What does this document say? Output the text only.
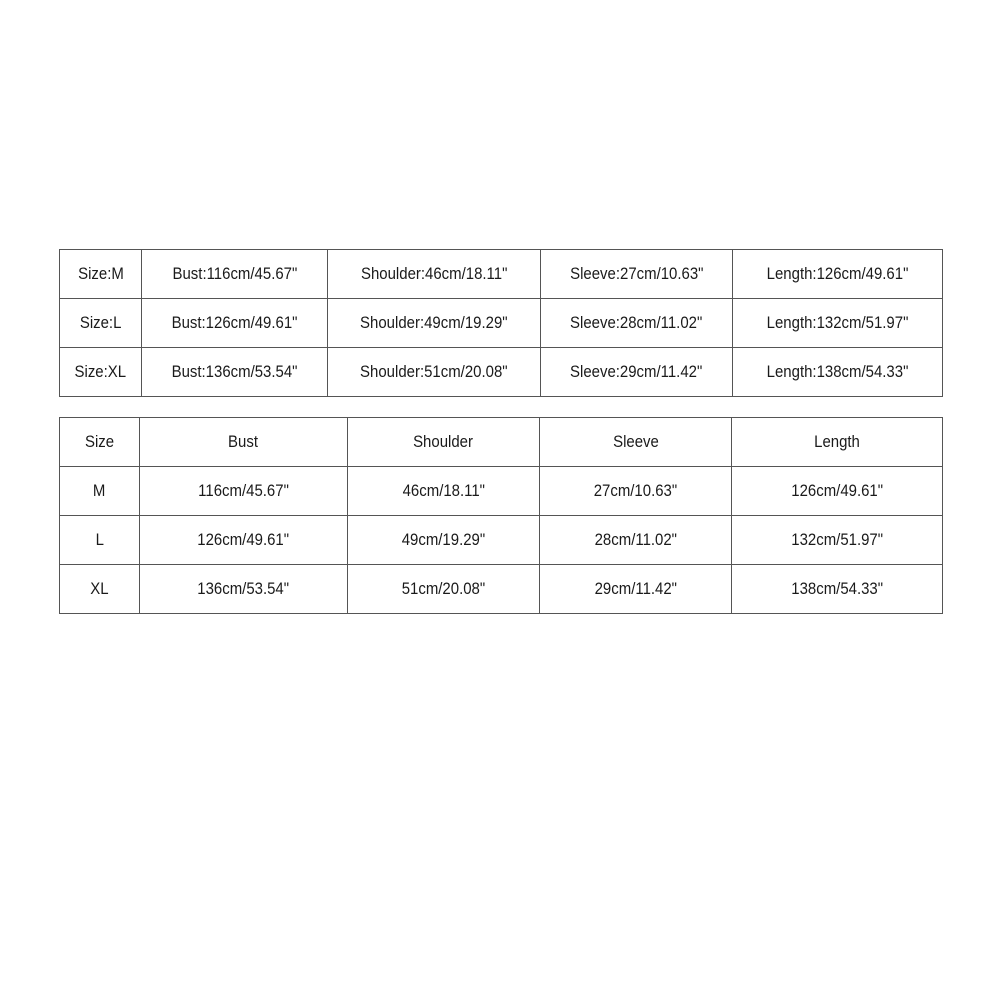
Size:M	Bust:116cm/45.67"	Shoulder:46cm/18.11"	Sleeve:27cm/10.63"	Length:126cm/49.61"
Size:L	Bust:126cm/49.61"	Shoulder:49cm/19.29"	Sleeve:28cm/11.02"	Length:132cm/51.97"
Size:XL	Bust:136cm/53.54"	Shoulder:51cm/20.08"	Sleeve:29cm/11.42"	Length:138cm/54.33"
Size	Bust	Shoulder	Sleeve	Length
M	116cm/45.67"	46cm/18.11"	27cm/10.63"	126cm/49.61"
L	126cm/49.61"	49cm/19.29"	28cm/11.02"	132cm/51.97"
XL	136cm/53.54"	51cm/20.08"	29cm/11.42"	138cm/54.33"
